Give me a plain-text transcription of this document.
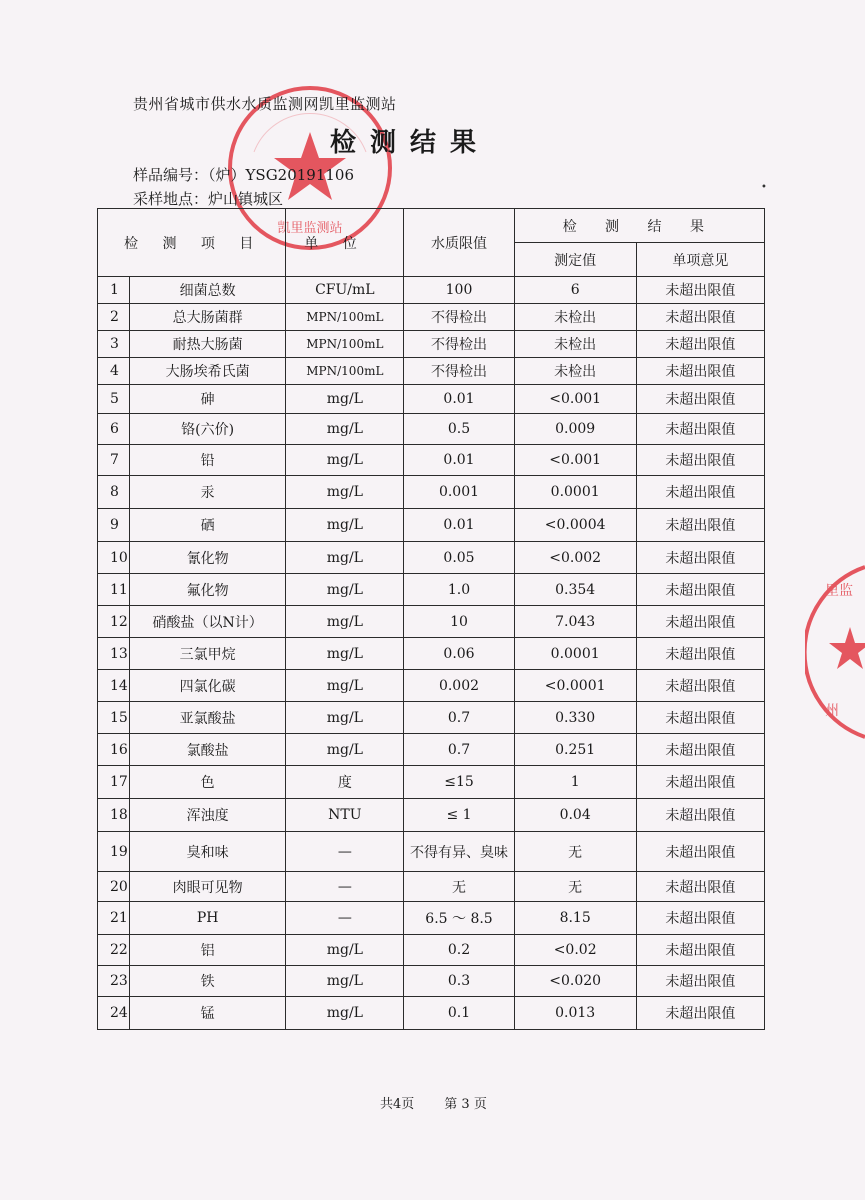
凯里监测站
里监
州
贵州省城市供水水质监测网凯里监测站
检测结果
样品编号：（炉）YSG20191106
采样地点：炉山镇城区
•
检 测 项 目		单 位	水质限值	检 测 结 果	
				测定值	单项意见
1	细菌总数	CFU/mL	100	6	未超出限值
2	总大肠菌群	MPN/100mL	不得检出	未检出	未超出限值
3	耐热大肠菌	MPN/100mL	不得检出	未检出	未超出限值
4	大肠埃希氏菌	MPN/100mL	不得检出	未检出	未超出限值
5	砷	mg/L	0.01	<0.001	未超出限值
6	铬(六价)	mg/L	0.5	0.009	未超出限值
7	铅	mg/L	0.01	<0.001	未超出限值
8	汞	mg/L	0.001	0.0001	未超出限值
9	硒	mg/L	0.01	<0.0004	未超出限值
10	氰化物	mg/L	0.05	<0.002	未超出限值
11	氟化物	mg/L	1.0	0.354	未超出限值
12	硝酸盐（以N计）	mg/L	10	7.043	未超出限值
13	三氯甲烷	mg/L	0.06	0.0001	未超出限值
14	四氯化碳	mg/L	0.002	<0.0001	未超出限值
15	亚氯酸盐	mg/L	0.7	0.330	未超出限值
16	氯酸盐	mg/L	0.7	0.251	未超出限值
17	色	度	≤15	1	未超出限值
18	浑浊度	NTU	≤ 1	0.04	未超出限值
19	臭和味	—	不得有异、臭味	无	未超出限值
20	肉眼可见物	—	无	无	未超出限值
21	PH	—	6.5 ～ 8.5	8.15	未超出限值
22	铝	mg/L	0.2	<0.02	未超出限值
23	铁	mg/L	0.3	<0.020	未超出限值
24	锰	mg/L	0.1	0.013	未超出限值
共4页 第 3 页
